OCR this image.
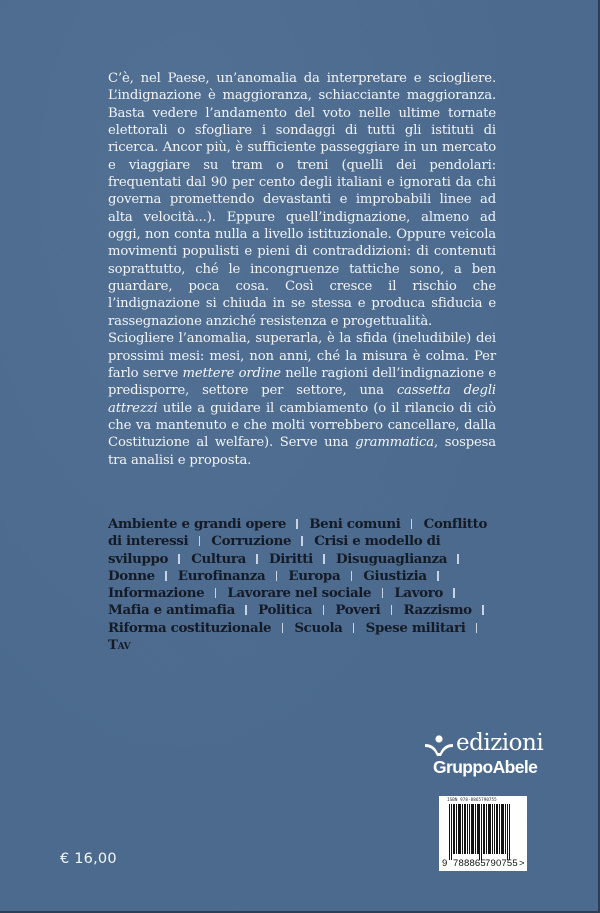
C’è, nel Paese, un’anomalia da interpretare e sciogliere. L’indignazione è maggioranza, schiacciante maggioranza. Basta vedere l’andamento del voto nelle ultime tornate elettorali o sfogliare i sondaggi di tutti gli istituti di ricerca. Ancor più, è sufficiente passeggiare in un mercato e viaggiare su tram o treni (quelli dei pendolari: frequentati dal 90 per cento degli italiani e ignorati da chi governa promettendo devastanti e improbabili linee ad alta velocità...). Eppure quell’indignazione, almeno ad oggi, non conta nulla a livello istituzionale. Oppure veicola movimenti populisti e pieni di contraddizioni: di contenuti soprattutto, ché le incongruenze tattiche sono, a ben guardare, poca cosa. Così cresce il rischio che l’indignazione si chiuda in se stessa e produca sfiducia e rassegnazione anziché resistenza e progettualità.

Sciogliere l’anomalia, superarla, è la sfida (ineludibile) dei prossimi mesi: mesi, non anni, ché la misura è colma. Per farlo serve mettere ordine nelle ragioni dell’indignazione e predisporre, settore per settore, una cassetta degli attrezzi utile a guidare il cambiamento (o il rilancio di ciò che va mantenuto e che molti vorrebbero cancellare, dalla Costituzione al welfare). Serve una grammatica, sospesa tra analisi e proposta.

Ambiente e grandi opere Beni comuni Conflitto di interessi Corruzione Crisi e modello di sviluppo Cultura Diritti Disuguaglianza  Donne Eurofinanza Europa Giustizia  Informazione Lavorare nel sociale Lavoro  Mafia e antimafia Politica Poveri Razzismo  Riforma costituzionale Scuola Spese militari  Tav
edizioni
GruppoAbele
ISBN 978-8865790755
9 788865 790755 >
€ 16,00
